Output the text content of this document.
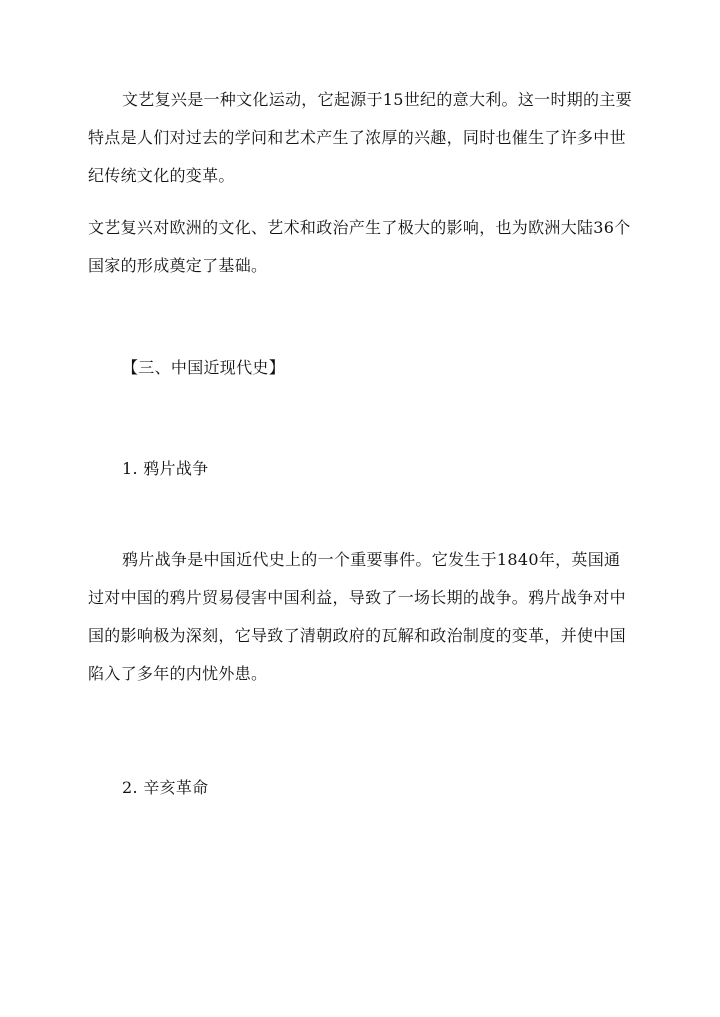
文艺复兴是一种文化运动，它起源于15世纪的意大利。这一时期的主要特点是人们对过去的学问和艺术产生了浓厚的兴趣，同时也催生了许多中世纪传统文化的变革。

文艺复兴对欧洲的文化、艺术和政治产生了极大的影响，也为欧洲大陆36个国家的形成奠定了基础。

【三、中国近现代史】

1. 鸦片战争

鸦片战争是中国近代史上的一个重要事件。它发生于1840年，英国通过对中国的鸦片贸易侵害中国利益，导致了一场长期的战争。鸦片战争对中国的影响极为深刻，它导致了清朝政府的瓦解和政治制度的变革，并使中国陷入了多年的内忧外患。

2. 辛亥革命
